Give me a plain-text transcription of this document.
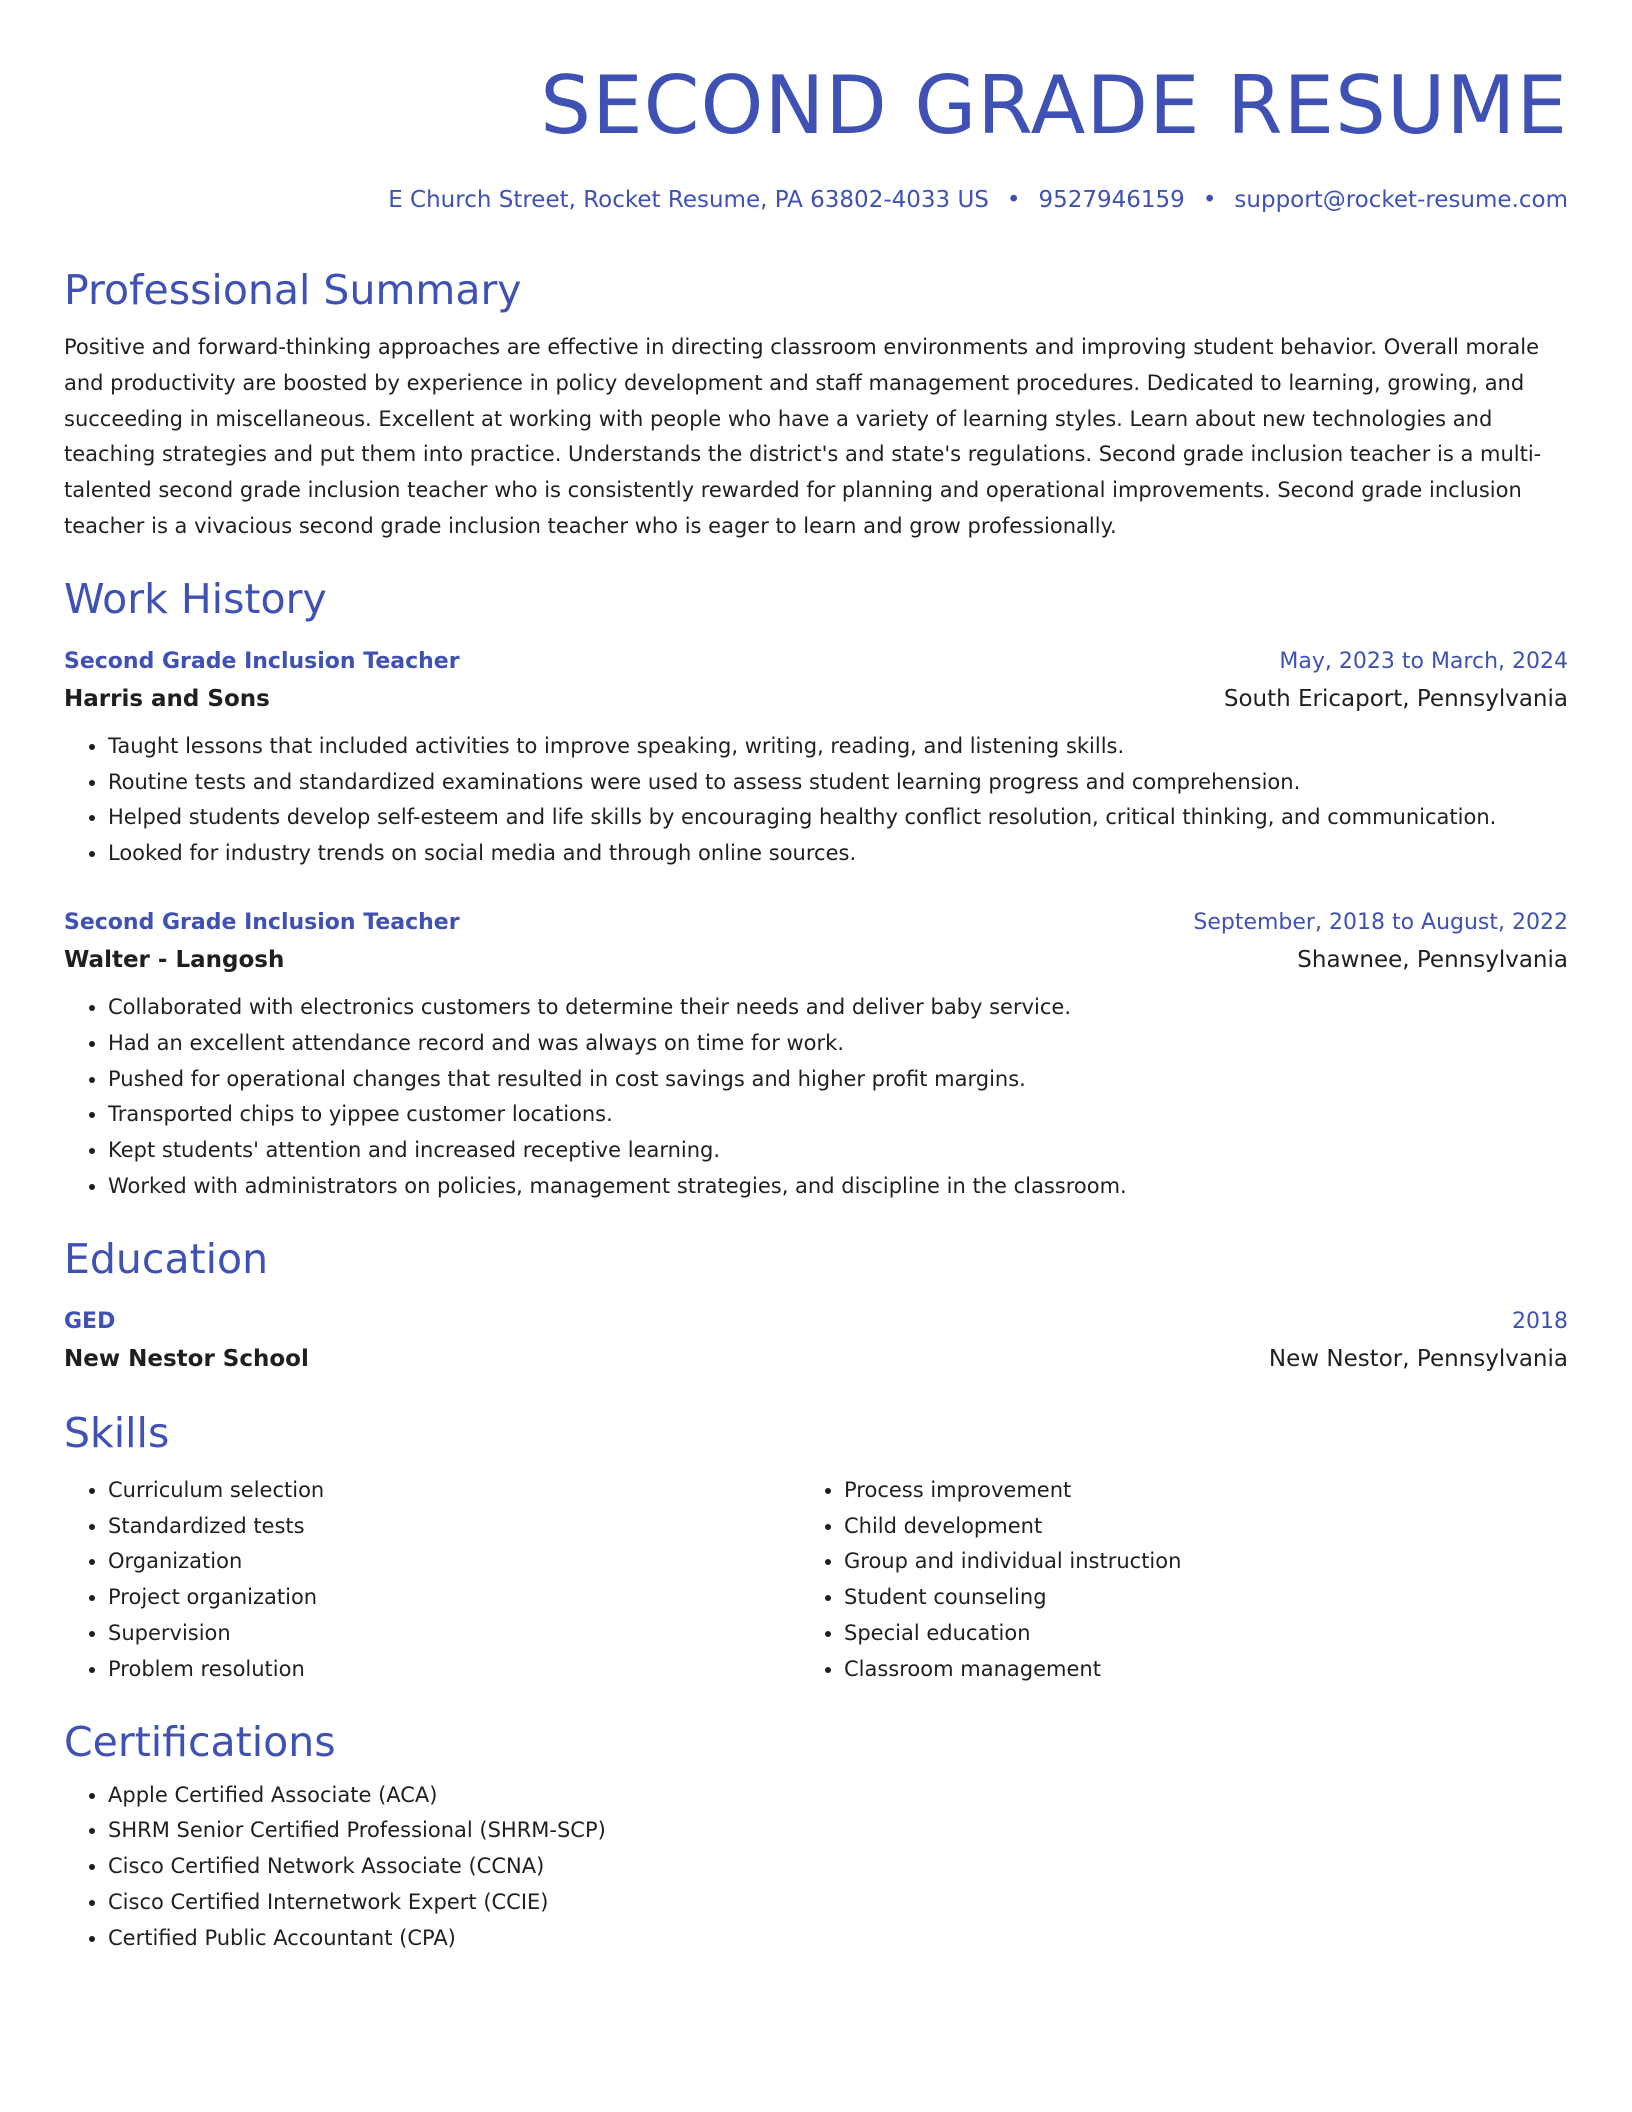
SECOND GRADE RESUME
E Church Street, Rocket Resume, PA 63802-4033 US • 9527946159 • support@rocket-resume.com
Professional Summary
Positive and forward-thinking approaches are effective in directing classroom environments and improving student behavior. Overall morale and productivity are boosted by experience in policy development and staff management procedures. Dedicated to learning, growing, and succeeding in miscellaneous. Excellent at working with people who have a variety of learning styles. Learn about new technologies and teaching strategies and put them into practice. Understands the district's and state's regulations. Second grade inclusion teacher is a multi-talented second grade inclusion teacher who is consistently rewarded for planning and operational improvements. Second grade inclusion teacher is a vivacious second grade inclusion teacher who is eager to learn and grow professionally.
Work History
Second Grade Inclusion Teacher	May, 2023 to March, 2024
Harris and Sons	South Ericaport, Pennsylvania
• Taught lessons that included activities to improve speaking, writing, reading, and listening skills.
• Routine tests and standardized examinations were used to assess student learning progress and comprehension.
• Helped students develop self-esteem and life skills by encouraging healthy conflict resolution, critical thinking, and communication.
• Looked for industry trends on social media and through online sources.
Second Grade Inclusion Teacher	September, 2018 to August, 2022
Walter - Langosh	Shawnee, Pennsylvania
• Collaborated with electronics customers to determine their needs and deliver baby service.
• Had an excellent attendance record and was always on time for work.
• Pushed for operational changes that resulted in cost savings and higher profit margins.
• Transported chips to yippee customer locations.
• Kept students' attention and increased receptive learning.
• Worked with administrators on policies, management strategies, and discipline in the classroom.
Education
GED	2018
New Nestor School	New Nestor, Pennsylvania
Skills
• Curriculum selection
• Standardized tests
• Organization
• Project organization
• Supervision
• Problem resolution
• Process improvement
• Child development
• Group and individual instruction
• Student counseling
• Special education
• Classroom management
Certifications
• Apple Certified Associate (ACA)
• SHRM Senior Certified Professional (SHRM-SCP)
• Cisco Certified Network Associate (CCNA)
• Cisco Certified Internetwork Expert (CCIE)
• Certified Public Accountant (CPA)
